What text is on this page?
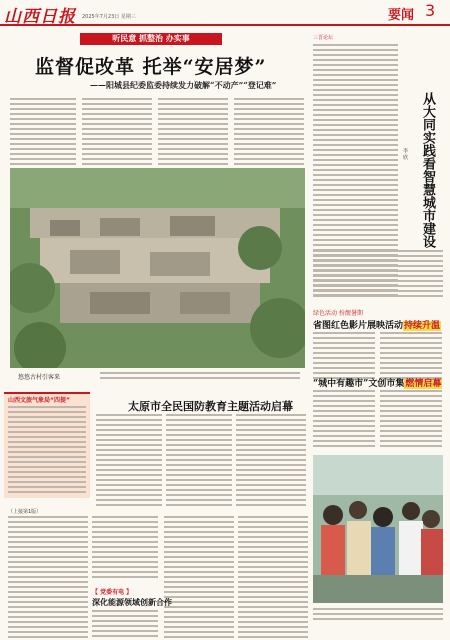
山西日报 2025年7月23日 星期三	要闻 3
听民意 抓整治 办实事
监督促改革 托举“安居梦”
——阳城县纪委监委持续发力破解“不动产”“登记难”
悠悠古村引客来
三晋论坛
从大同实践看智慧城市建设
李 欣
绿色活动 扮靓暑期
省图红色影片展映活动持续升温
“城中有趣市”文创市集燃情启幕
山西文旅气象局“四提”	太原市全民国防教育主题活动启幕
（上接第1版）
【 党委有电 】
深化能源领域创新合作
